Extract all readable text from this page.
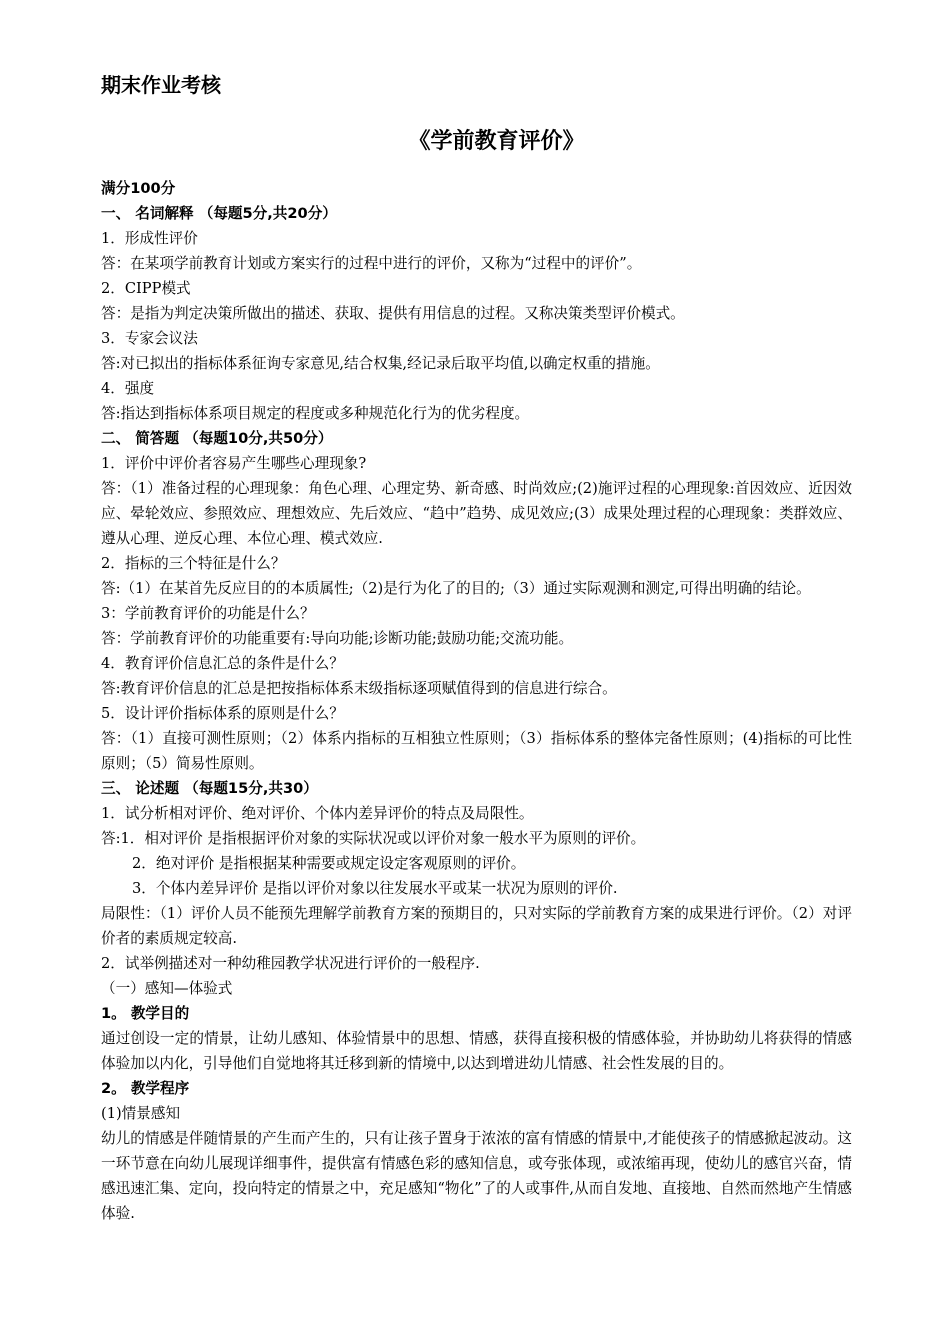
期末作业考核
《学前教育评价》
满分100分
一、 名词解释 （每题5分,共20分）
1．形成性评价
答：在某项学前教育计划或方案实行的过程中进行的评价，又称为“过程中的评价”。
2．CIPP模式
答：是指为判定决策所做出的描述、获取、提供有用信息的过程。又称决策类型评价模式。
3．专家会议法
答:对已拟出的指标体系征询专家意见,结合权集,经记录后取平均值,以确定权重的措施。
4．强度
答:指达到指标体系项目规定的程度或多种规范化行为的优劣程度。
二、 简答题 （每题10分,共50分）
1．评价中评价者容易产生哪些心理现象?
答：（1）准备过程的心理现象：角色心理、心理定势、新奇感、时尚效应;(2)施评过程的心理现象:首因效应、近因效应、晕轮效应、参照效应、理想效应、先后效应、“趋中”趋势、成见效应;(3）成果处理过程的心理现象：类群效应、遵从心理、逆反心理、本位心理、模式效应.
2．指标的三个特征是什么？
答:（1）在某首先反应目的的本质属性;（2)是行为化了的目的;（3）通过实际观测和测定,可得出明确的结论。
3：学前教育评价的功能是什么？
答：学前教育评价的功能重要有:导向功能;诊断功能;鼓励功能;交流功能。
4．教育评价信息汇总的条件是什么？
答:教育评价信息的汇总是把按指标体系末级指标逐项赋值得到的信息进行综合。
5．设计评价指标体系的原则是什么？
答：（1）直接可测性原则；（2）体系内指标的互相独立性原则；（3）指标体系的整体完备性原则；(4)指标的可比性原则；（5）简易性原则。
三、 论述题 （每题15分,共30）
1．试分析相对评价、绝对评价、个体内差异评价的特点及局限性。
答:1．相对评价 是指根据评价对象的实际状况或以评价对象一般水平为原则的评价。
2．绝对评价 是指根据某种需要或规定设定客观原则的评价。
3．个体内差异评价 是指以评价对象以往发展水平或某一状况为原则的评价.
局限性：（1）评价人员不能预先理解学前教育方案的预期目的，只对实际的学前教育方案的成果进行评价。（2）对评价者的素质规定较高.
2．试举例描述对一种幼稚园教学状况进行评价的一般程序.
（一）感知—体验式
1。 教学目的
通过创设一定的情景，让幼儿感知、体验情景中的思想、情感，获得直接积极的情感体验，并协助幼儿将获得的情感体验加以内化，引导他们自觉地将其迁移到新的情境中,以达到增进幼儿情感、社会性发展的目的。
2。 教学程序
(1)情景感知
幼儿的情感是伴随情景的产生而产生的，只有让孩子置身于浓浓的富有情感的情景中,才能使孩子的情感掀起波动。这一环节意在向幼儿展现详细事件，提供富有情感色彩的感知信息，或夸张体现，或浓缩再现，使幼儿的感官兴奋，情感迅速汇集、定向，投向特定的情景之中，充足感知“物化”了的人或事件,从而自发地、直接地、自然而然地产生情感体验.
